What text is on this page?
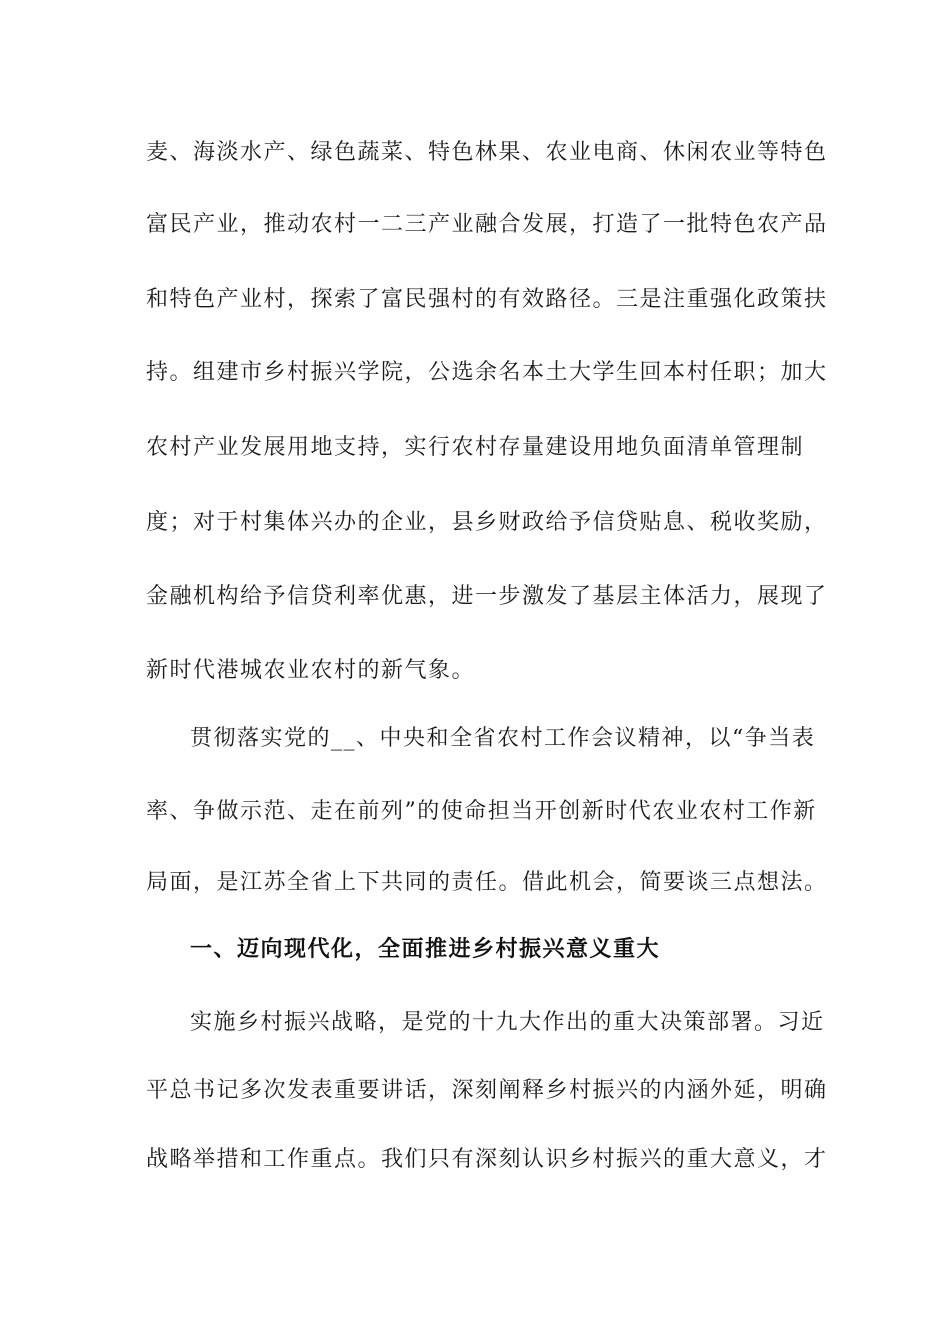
麦、海淡水产、绿色蔬菜、特色林果、农业电商、休闲农业等特色
富民产业，推动农村一二三产业融合发展，打造了一批特色农产品
和特色产业村，探索了富民强村的有效路径。三是注重强化政策扶
持。组建市乡村振兴学院，公选余名本土大学生回本村任职；加大
农村产业发展用地支持，实行农村存量建设用地负面清单管理制
度；对于村集体兴办的企业，县乡财政给予信贷贴息、税收奖励，
金融机构给予信贷利率优惠，进一步激发了基层主体活力，展现了
新时代港城农业农村的新气象。
贯彻落实党的__、中央和全省农村工作会议精神，以“争当表
率、争做示范、走在前列”的使命担当开创新时代农业农村工作新
局面，是江苏全省上下共同的责任。借此机会，简要谈三点想法。
一、迈向现代化，全面推进乡村振兴意义重大
实施乡村振兴战略，是党的十九大作出的重大决策部署。习近
平总书记多次发表重要讲话，深刻阐释乡村振兴的内涵外延，明确
战略举措和工作重点。我们只有深刻认识乡村振兴的重大意义，才
